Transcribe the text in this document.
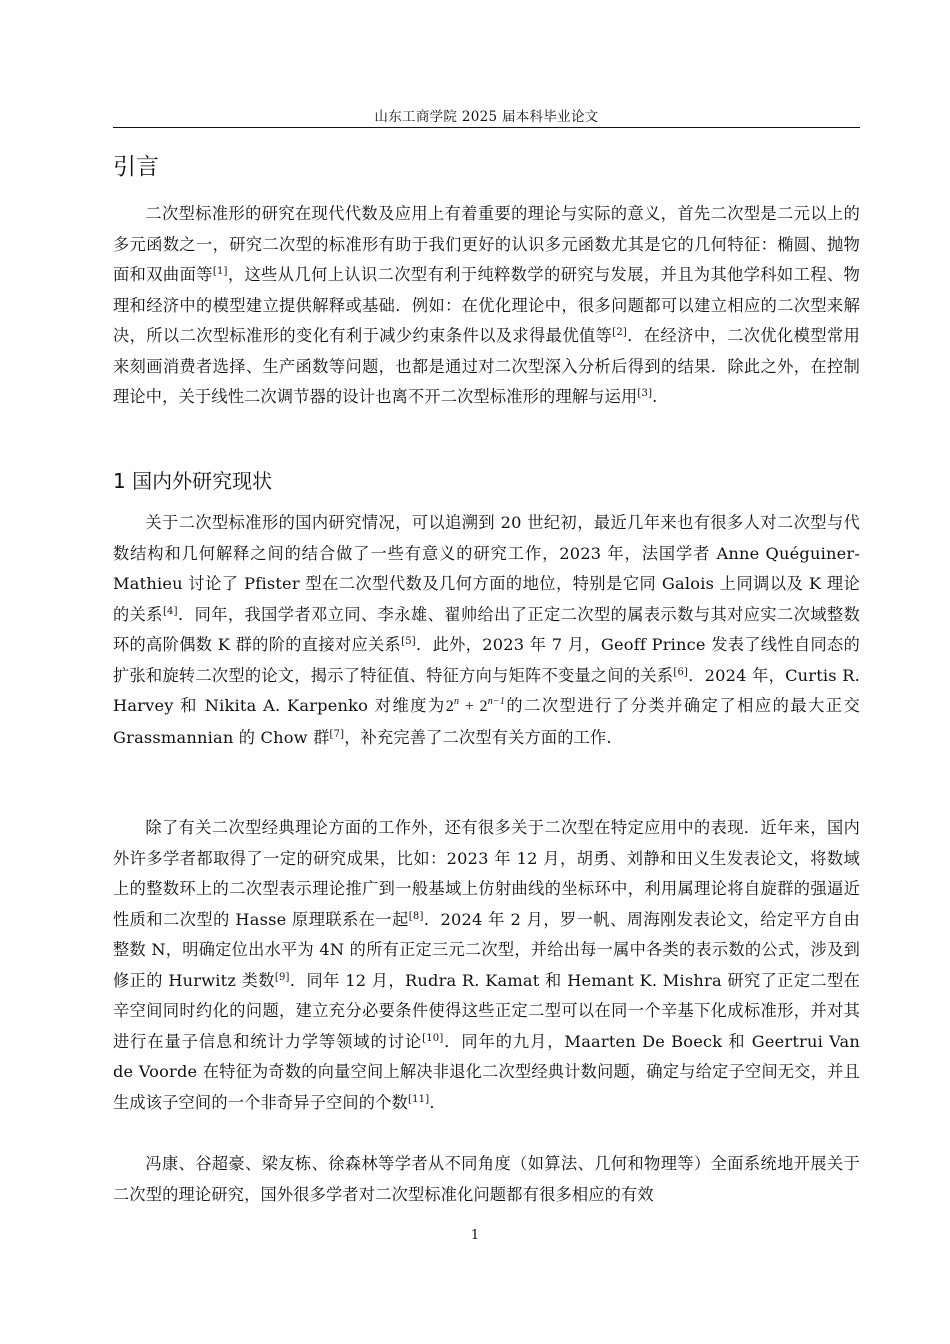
山东工商学院 2025 届本科毕业论文
引言

二次型标准形的研究在现代代数及应用上有着重要的理论与实际的意义，首先二次型是二元以上的多元函数之一，研究二次型的标准形有助于我们更好的认识多元函数尤其是它的几何特征：椭圆、抛物面和双曲面等[1]，这些从几何上认识二次型有利于纯粹数学的研究与发展，并且为其他学科如工程、物理和经济中的模型建立提供解释或基础．例如：在优化理论中，很多问题都可以建立相应的二次型来解决，所以二次型标准形的变化有利于减少约束条件以及求得最优值等[2]．在经济中，二次优化模型常用来刻画消费者选择、生产函数等问题，也都是通过对二次型深入分析后得到的结果．除此之外，在控制理论中，关于线性二次调节器的设计也离不开二次型标准形的理解与运用[3].

1 国内外研究现状

关于二次型标准形的国内研究情况，可以追溯到 20 世纪初，最近几年来也有很多人对二次型与代数结构和几何解释之间的结合做了一些有意义的研究工作，2023 年，法国学者 Anne Quéguiner-Mathieu 讨论了 Pfister 型在二次型代数及几何方面的地位，特别是它同 Galois 上同调以及 K 理论的关系[4]．同年，我国学者邓立同、李永雄、翟帅给出了正定二次型的属表示数与其对应实二次域整数环的高阶偶数 K 群的阶的直接对应关系[5]．此外，2023 年 7 月，Geoff Prince 发表了线性自同态的扩张和旋转二次型的论文，揭示了特征值、特征方向与矩阵不变量之间的关系[6]．2024 年，Curtis R. Harvey 和 Nikita A. Karpenko 对维度为$2^n + 2^{n-1}$的二次型进行了分类并确定了相应的最大正交 Grassmannian 的 Chow 群[7]，补充完善了二次型有关方面的工作.

除了有关二次型经典理论方面的工作外，还有很多关于二次型在特定应用中的表现．近年来，国内外许多学者都取得了一定的研究成果，比如：2023 年 12 月，胡勇、刘静和田义生发表论文，将数域上的整数环上的二次型表示理论推广到一般基域上仿射曲线的坐标环中，利用属理论将自旋群的强逼近性质和二次型的 Hasse 原理联系在一起[8]．2024 年 2 月，罗一帆、周海刚发表论文，给定平方自由整数 N，明确定位出水平为 4N 的所有正定三元二次型，并给出每一属中各类的表示数的公式，涉及到修正的 Hurwitz 类数[9]．同年 12 月，Rudra R. Kamat 和 Hemant K. Mishra 研究了正定二型在辛空间同时约化的问题，建立充分必要条件使得这些正定二型可以在同一个辛基下化成标准形，并对其进行在量子信息和统计力学等领域的讨论[10]．同年的九月，Maarten De Boeck 和 Geertrui Van de Voorde 在特征为奇数的向量空间上解决非退化二次型经典计数问题，确定与给定子空间无交，并且生成该子空间的一个非奇异子空间的个数[11].

冯康、谷超豪、梁友栋、徐森林等学者从不同角度（如算法、几何和物理等）全面系统地开展关于二次型的理论研究，国外很多学者对二次型标准化问题都有很多相应的有效

1
